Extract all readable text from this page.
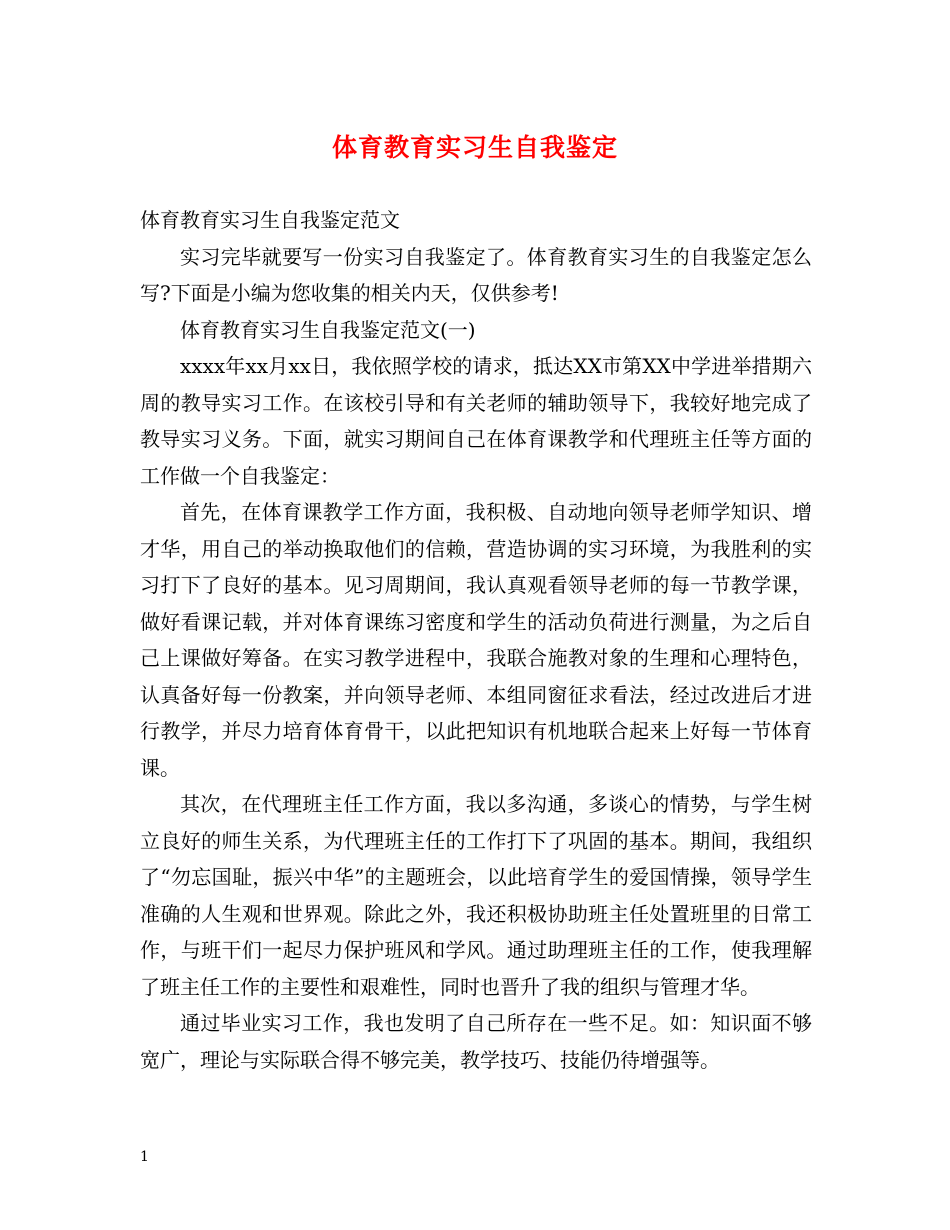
体育教育实习生自我鉴定

体育教育实习生自我鉴定范文

实习完毕就要写一份实习自我鉴定了。体育教育实习生的自我鉴定怎么写?下面是小编为您收集的相关内天，仅供参考!

体育教育实习生自我鉴定范文(一)

xxxx年xx月xx日，我依照学校的请求，抵达XX市第XX中学进举措期六周的教导实习工作。在该校引导和有关老师的辅助领导下，我较好地完成了教导实习义务。下面，就实习期间自己在体育课教学和代理班主任等方面的工作做一个自我鉴定：

首先，在体育课教学工作方面，我积极、自动地向领导老师学知识、增才华，用自己的举动换取他们的信赖，营造协调的实习环境，为我胜利的实习打下了良好的基本。见习周期间，我认真观看领导老师的每一节教学课，做好看课记载，并对体育课练习密度和学生的活动负荷进行测量，为之后自己上课做好筹备。在实习教学进程中，我联合施教对象的生理和心理特色，认真备好每一份教案，并向领导老师、本组同窗征求看法，经过改进后才进行教学，并尽力培育体育骨干，以此把知识有机地联合起来上好每一节体育课。

其次，在代理班主任工作方面，我以多沟通，多谈心的情势，与学生树立良好的师生关系，为代理班主任的工作打下了巩固的基本。期间，我组织了“勿忘国耻，振兴中华”的主题班会，以此培育学生的爱国情操，领导学生准确的人生观和世界观。除此之外，我还积极协助班主任处置班里的日常工作，与班干们一起尽力保护班风和学风。通过助理班主任的工作，使我理解了班主任工作的主要性和艰难性，同时也晋升了我的组织与管理才华。

通过毕业实习工作，我也发明了自己所存在一些不足。如：知识面不够宽广，理论与实际联合得不够完美，教学技巧、技能仍待增强等。

1
